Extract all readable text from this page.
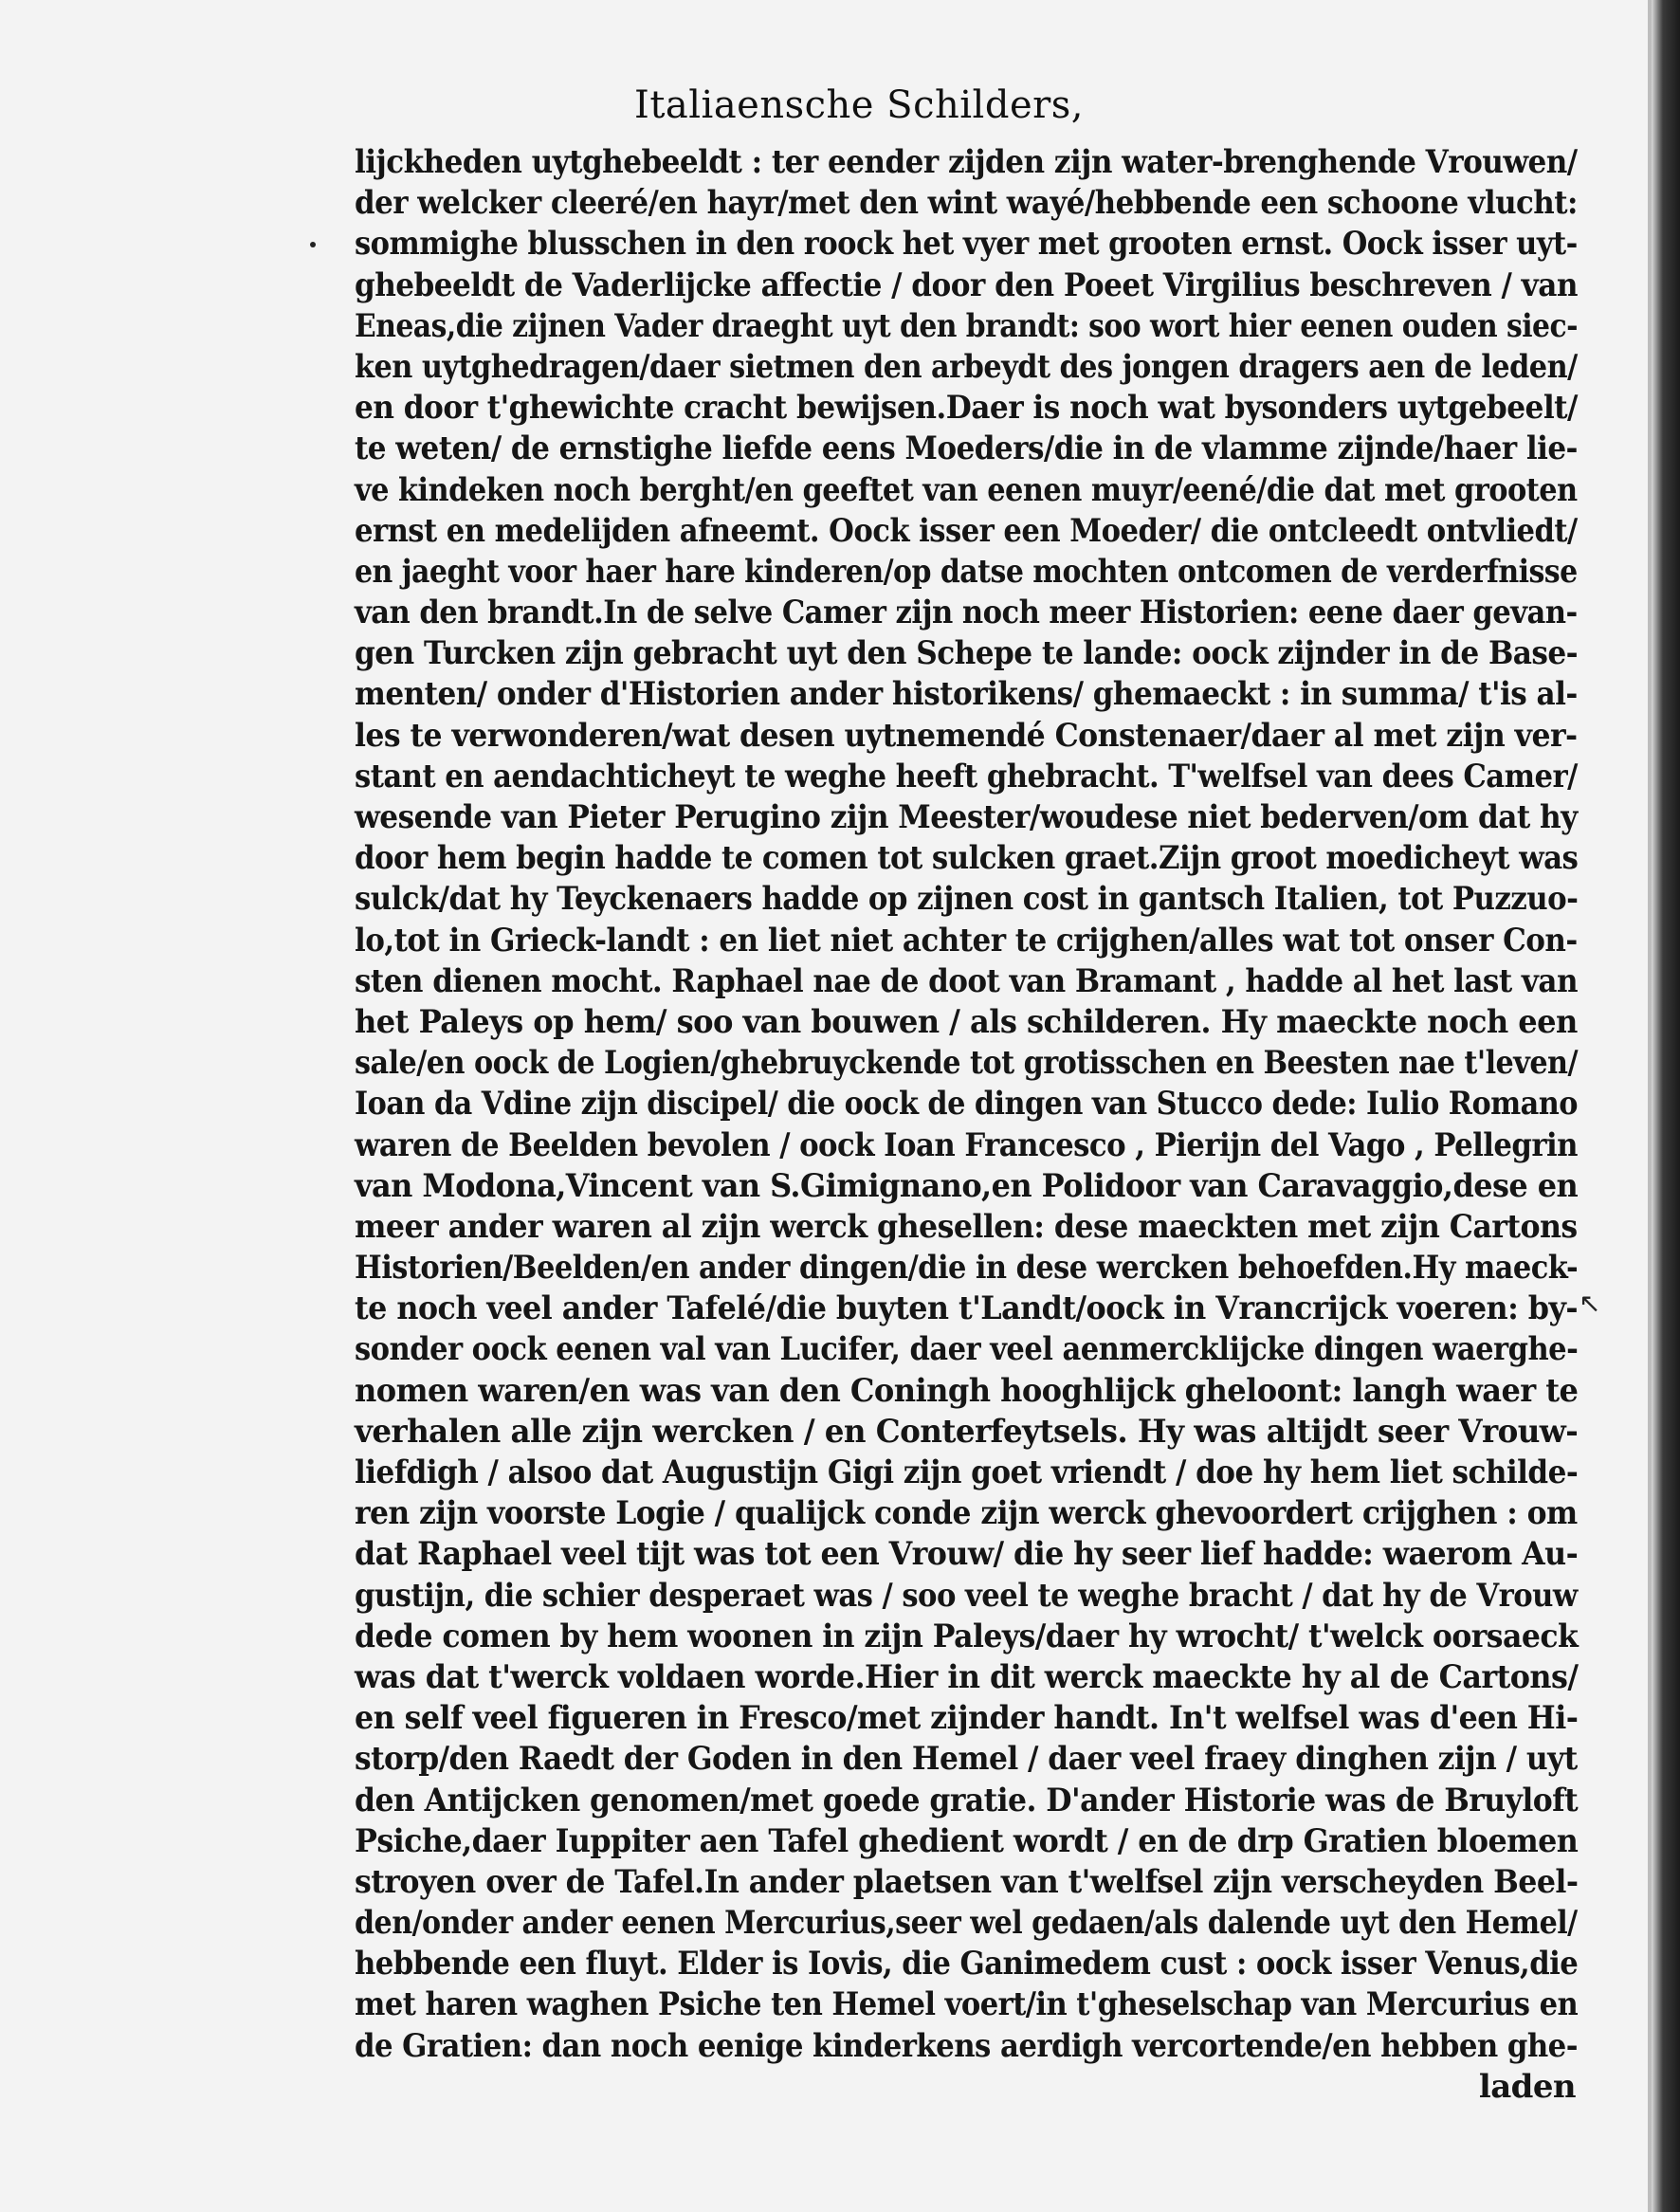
Italiaensche Schilders,
↖
lijckheden uytghebeeldt : ter eender zijden zijn water-brenghende Vrouwen/
der welcker cleeré/en hayr/met den wint wayé/hebbende een schoone vlucht:
sommighe blusschen in den roock het vyer met grooten ernst. Oock isser uyt-
ghebeeldt de Vaderlijcke affectie / door den Poeet Virgilius beschreven / van
Eneas,die zijnen Vader draeght uyt den brandt: soo wort hier eenen ouden siec-
ken uytghedragen/daer sietmen den arbeydt des jongen dragers aen de leden/
en door t'ghewichte cracht bewijsen.Daer is noch wat bysonders uytgebeelt/
te weten/ de ernstighe liefde eens Moeders/die in de vlamme zijnde/haer lie-
ve kindeken noch berght/en geeftet van eenen muyr/eené/die dat met grooten
ernst en medelijden afneemt. Oock isser een Moeder/ die ontcleedt ontvliedt/
en jaeght voor haer hare kinderen/op datse mochten ontcomen de verderfnisse
van den brandt.In de selve Camer zijn noch meer Historien: eene daer gevan-
gen Turcken zijn gebracht uyt den Schepe te lande: oock zijnder in de Base-
menten/ onder d'Historien ander historikens/ ghemaeckt : in summa/ t'is al-
les te verwonderen/wat desen uytnemendé Constenaer/daer al met zijn ver-
stant en aendachticheyt te weghe heeft ghebracht. T'welfsel van dees Camer/
wesende van Pieter Perugino zijn Meester/woudese niet bederven/om dat hy
door hem begin hadde te comen tot sulcken graet.Zijn groot moedicheyt was
sulck/dat hy Teyckenaers hadde op zijnen cost in gantsch Italien, tot Puzzuo-
lo,tot in Grieck-landt : en liet niet achter te crijghen/alles wat tot onser Con-
sten dienen mocht. Raphael nae de doot van Bramant , hadde al het last van
het Paleys op hem/ soo van bouwen / als schilderen. Hy maeckte noch een
sale/en oock de Logien/ghebruyckende tot grotisschen en Beesten nae t'leven/
Ioan da Vdine zijn discipel/ die oock de dingen van Stucco dede: Iulio Romano
waren de Beelden bevolen / oock Ioan Francesco , Pierijn del Vago , Pellegrin
van Modona,Vincent van S.Gimignano,en Polidoor van Caravaggio,dese en
meer ander waren al zijn werck ghesellen: dese maeckten met zijn Cartons
Historien/Beelden/en ander dingen/die in dese wercken behoefden.Hy maeck-
te noch veel ander Tafelé/die buyten t'Landt/oock in Vrancrijck voeren: by-
sonder oock eenen val van Lucifer, daer veel aenmercklijcke dingen waerghe-
nomen waren/en was van den Coningh hooghlijck gheloont: langh waer te
verhalen alle zijn wercken / en Conterfeytsels. Hy was altijdt seer Vrouw-
liefdigh / alsoo dat Augustijn Gigi zijn goet vriendt / doe hy hem liet schilde-
ren zijn voorste Logie / qualijck conde zijn werck ghevoordert crijghen : om
dat Raphael veel tijt was tot een Vrouw/ die hy seer lief hadde: waerom Au-
gustijn, die schier desperaet was / soo veel te weghe bracht / dat hy de Vrouw
dede comen by hem woonen in zijn Paleys/daer hy wrocht/ t'welck oorsaeck
was dat t'werck voldaen worde.Hier in dit werck maeckte hy al de Cartons/
en self veel figueren in Fresco/met zijnder handt. In't welfsel was d'een Hi-
storp/den Raedt der Goden in den Hemel / daer veel fraey dinghen zijn / uyt
den Antijcken genomen/met goede gratie. D'ander Historie was de Bruyloft
Psiche,daer Iuppiter aen Tafel ghedient wordt / en de drp Gratien bloemen
stroyen over de Tafel.In ander plaetsen van t'welfsel zijn verscheyden Beel-
den/onder ander eenen Mercurius,seer wel gedaen/als dalende uyt den Hemel/
hebbende een fluyt. Elder is Iovis, die Ganimedem cust : oock isser Venus,die
met haren waghen Psiche ten Hemel voert/in t'gheselschap van Mercurius en
de Gratien: dan noch eenige kinderkens aerdigh vercortende/en hebben ghe-
laden
